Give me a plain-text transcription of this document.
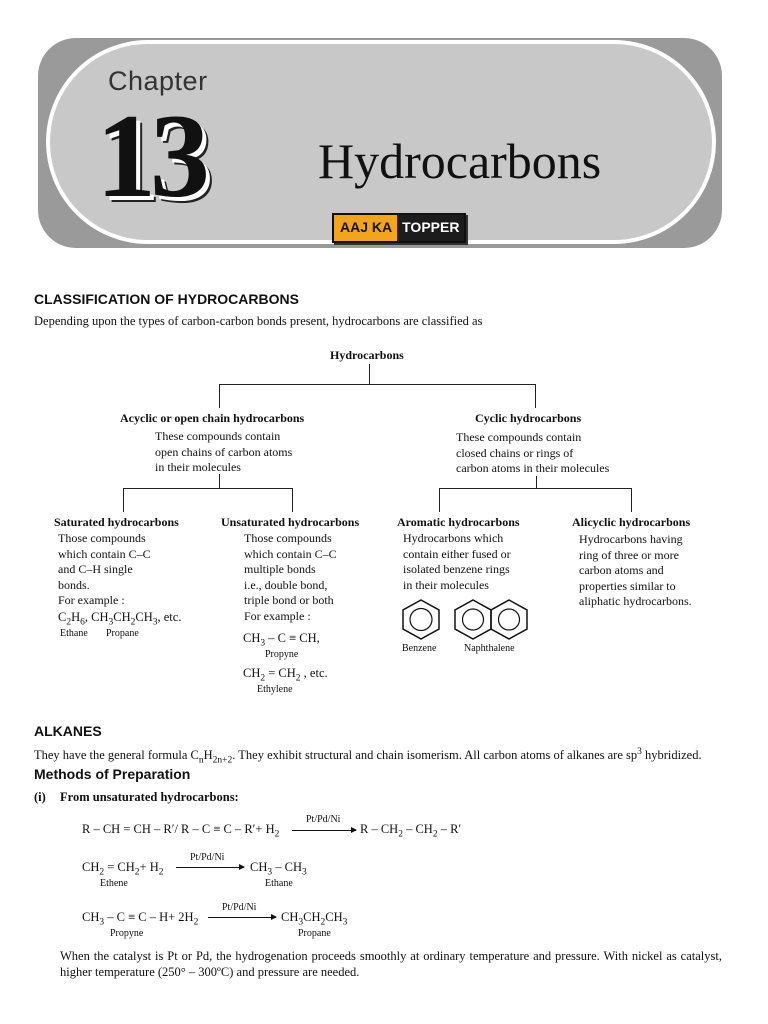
Chapter
13 Hydrocarbons
AAJ KA TOPPER
CLASSIFICATION OF HYDROCARBONS
Depending upon the types of carbon-carbon bonds present, hydrocarbons are classified as
Hydrocarbons
Acyclic or open chain hydrocarbons
These compounds contain
open chains of carbon atoms
in their molecules
Cyclic hydrocarbons
These compounds contain
closed chains or rings of
carbon atoms in their molecules
Saturated hydrocarbons
Those compounds
which contain C–C
and C–H single
bonds.
For example :
$C_2H_6$, $CH_3CH_2CH_3$, etc.
Ethane Propane
Unsaturated hydrocarbons
Those compounds
which contain C–C
multiple bonds
i.e., double bond,
triple bond or both
For example :
$CH_3$ – C ≡ CH,
Propyne
$CH_2 = CH_2$ , etc.
Ethylene
Aromatic hydrocarbons
Hydrocarbons which
contain either fused or
isolated benzene rings
in their molecules
Benzene	Naphthalene
Alicyclic hydrocarbons
Hydrocarbons having
ring of three or more
carbon atoms and
properties similar to
aliphatic hydrocarbons.
ALKANES
They have the general formula $C_nH_{2n+2}$. They exhibit structural and chain isomerism. All carbon atoms of alkanes are $sp^3$ hybridized.
Methods of Preparation
(i) From unsaturated hydrocarbons:
R – CH = CH – R′/ $R - C \equiv C - R'+ H_2$
Pt/Pd/Ni
R – $CH_2 - CH_2 - R'$
$CH_2 = CH_2+ H_2$
Pt/Pd/Ni
$CH_3 - CH_3$
Ethene	Ethane
$CH_3 - C \equiv C - H+ 2H_2$
Pt/Pd/Ni
$CH_3CH_2CH_3$
Propyne	Propane
When the catalyst is Pt or Pd, the hydrogenation proceeds smoothly at ordinary temperature and pressure. With nickel as catalyst, higher temperature (250° – 300ºC) and pressure are needed.
